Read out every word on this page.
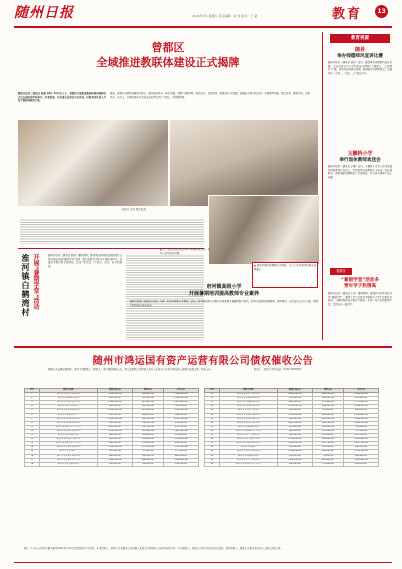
随州日报	2021年8月 星期五 责任编辑：张 伟 版式：王 敏	教育	13
曾都区
全域推进教联体建设正式揭牌
随州日报讯（通讯员 黄丽 李明）8月3日上午，曾都区全域推进教联体建设揭牌仪式在东城实验学校举行。区委常委、宣传部长出席仪式并讲话，区教育局负责人介绍了教联体建设方案。
据悉，曾都区以教联体建设为抓手，推动城乡教育一体化发展，按照“以强带弱、城乡结对、资源共享、整体提升”的思路，组建若干教育联合体，实现管理共通、师资共享、教研共进、质量共升。仪式上，各教联体牵头学校与成员学校签订了协议，并现场授牌。
（通讯员 张磊 摄影报道）
▲ 曾都区教联体揭牌仪式现场，与会人员参观学校教育成果展示。
教育视窗
随县
举办师德师风宣讲比赛
随州日报讯（通讯员 刘伟）近日，随县举办师德师风宣讲比赛，来自全县各中小学校的选手围绕“立德树人、爱岗敬业”主题，讲述身边的教育故事，展现新时代教师风采。比赛评出一等奖、二等奖、三等奖若干名。
玉獭桥小学
举行退休教师欢送会
随州日报讯（通讯员 李娜）近日，玉獭桥小学为三位光荣退休的教师举行欢送会。学校领导对老教师几十年如一日扎根教育、默默奉献的精神表示崇高敬意，并代表全体师生送上祝福。
曾都区
“暑假学堂”活动多
青年学子热情高
随州日报讯（通讯员 王芳）暑假期间，曾都区各社区纷纷开设“暑假学堂”，邀请大学生志愿者为辖区中小学生提供作业辅导、兴趣培训和安全教育等服务，丰富了孩子们的假期生活，受到家长一致好评。
淮河镇白鹤湾村 开展“暑期学堂”活动	随州日报讯（通讯员 陈静）暑假期间，淮河镇白鹤湾村依托新时代文明实践站开展“暑期学堂”活动，组织志愿者为留守儿童辅导作业、开展安全教育和文体活动，让孩子们度过一个快乐、充实、安全的假期。
▲ 学生们在志愿者的带领下开展阅读活动，培养良好的阅读习惯。
府河镇高级小学
开展暑期培训提高教师专业素养
随州日报讯（通讯员 刘洋）为进一步提升教师专业素养，近日，府河镇高级小学组织全体教师开展暑期集中培训。培训内容涵盖师德师风、课堂教学、信息技术应用等方面，教师们纷纷表示收获满满。
随州市鸿运国有资产运营有限公司债权催收公告
根据有关法律法规规定，现对下列借款人（担保人）进行债权催收公告。请上述借款人及担保人从本公告发布之日起立即向我公司履行还款义务。特此公告。	联系人：张先生 联系电话：0722-3333333
序号	借款人名称	借款本金(元)	利息(元)	合计(元)
1	随州市某某贸易有限公司	1,200,000.00	356,420.00	1,556,420.00
2	随州市某某建材经营部	850,000.00	210,350.00	1,060,350.00
3	随州市某某农业发展公司	2,000,000.00	612,800.00	2,612,800.00
4	随州市某某汽车配件厂	600,000.00	145,200.00	745,200.00
5	随州市某某食品有限公司	1,500,000.00	420,600.00	1,920,600.00
6	随州市某某服装加工厂	300,000.00	88,450.00	388,450.00
7	随州市某某机械制造公司	3,200,000.00	905,100.00	4,105,100.00
8	随州市某某物流有限公司	780,000.00	198,300.00	978,300.00
9	随州市某某养殖专业合作社	450,000.00	120,700.00	570,700.00
10	随州市某某商贸有限公司	1,100,000.00	301,900.00	1,401,900.00
11	随州市某某电器经营部	260,000.00	69,800.00	329,800.00
12	随州市某某装饰工程公司	950,000.00	255,400.00	1,205,400.00
13	随州市某某香菇专业合作社	680,000.00	176,500.00	856,500.00
14	随州市某某木业有限公司	1,350,000.00	372,250.00	1,722,250.00
15	随州市某某印刷厂	220,000.00	57,300.00	277,300.00
16	随州市某某茶叶有限公司	540,000.00	140,900.00	680,900.00
17	随州市某某建筑劳务公司	1,800,000.00	498,600.00	2,298,600.00
18	随州市某某五金经营部	190,000.00	48,200.00	238,200.00
序号	借款人名称	借款本金(元)	利息(元)	合计(元)
19	随州市某某化工有限公司	2,400,000.00	688,300.00	3,088,300.00
20	随州市某某家具有限公司	720,000.00	190,500.00	910,500.00
21	随州市某某运输有限公司	880,000.00	231,400.00	1,111,400.00
22	随州市某某纺织有限公司	1,250,000.00	344,100.00	1,594,100.00
23	随州市某某水产养殖场	350,000.00	92,600.00	442,600.00
24	随州市某某建材有限公司	1,650,000.00	455,800.00	2,105,800.00
25	随州市某某酒业有限公司	980,000.00	262,300.00	1,242,300.00
26	随州市某某电子科技公司	1,420,000.00	389,700.00	1,809,700.00
27	随州市某某粮油经营部	410,000.00	108,900.00	518,900.00
28	随州市某某果蔬专业合作社	560,000.00	147,200.00	707,200.00
29	随州市某某广告有限公司	240,000.00	61,500.00	301,500.00
30	随州市某某汽车销售公司	2,100,000.00	590,400.00	2,690,400.00
31	随州市某某钢构有限公司	1,900,000.00	520,700.00	2,420,700.00
32	随州市某某超市	310,000.00	80,100.00	390,100.00
33	随州市某某药业有限公司	1,050,000.00	286,300.00	1,336,300.00
34	随州市某某陶瓷经营部	270,000.00	70,900.00	340,900.00
35	随州市某某工贸有限公司	1,600,000.00	442,800.00	2,042,800.00
36	随州市某某种植专业合作社	430,000.00	113,600.00	543,600.00
备注：1.本公告所列金额为截至2021年7月31日的借款本金及利息；2.请借款人、担保人及其继承人或承继人见报后立即到我公司办理还款手续；3.如借款人、担保人已经不存在或者已变更，请其承继人、债务人及相关单位或个人履行还款义务。
